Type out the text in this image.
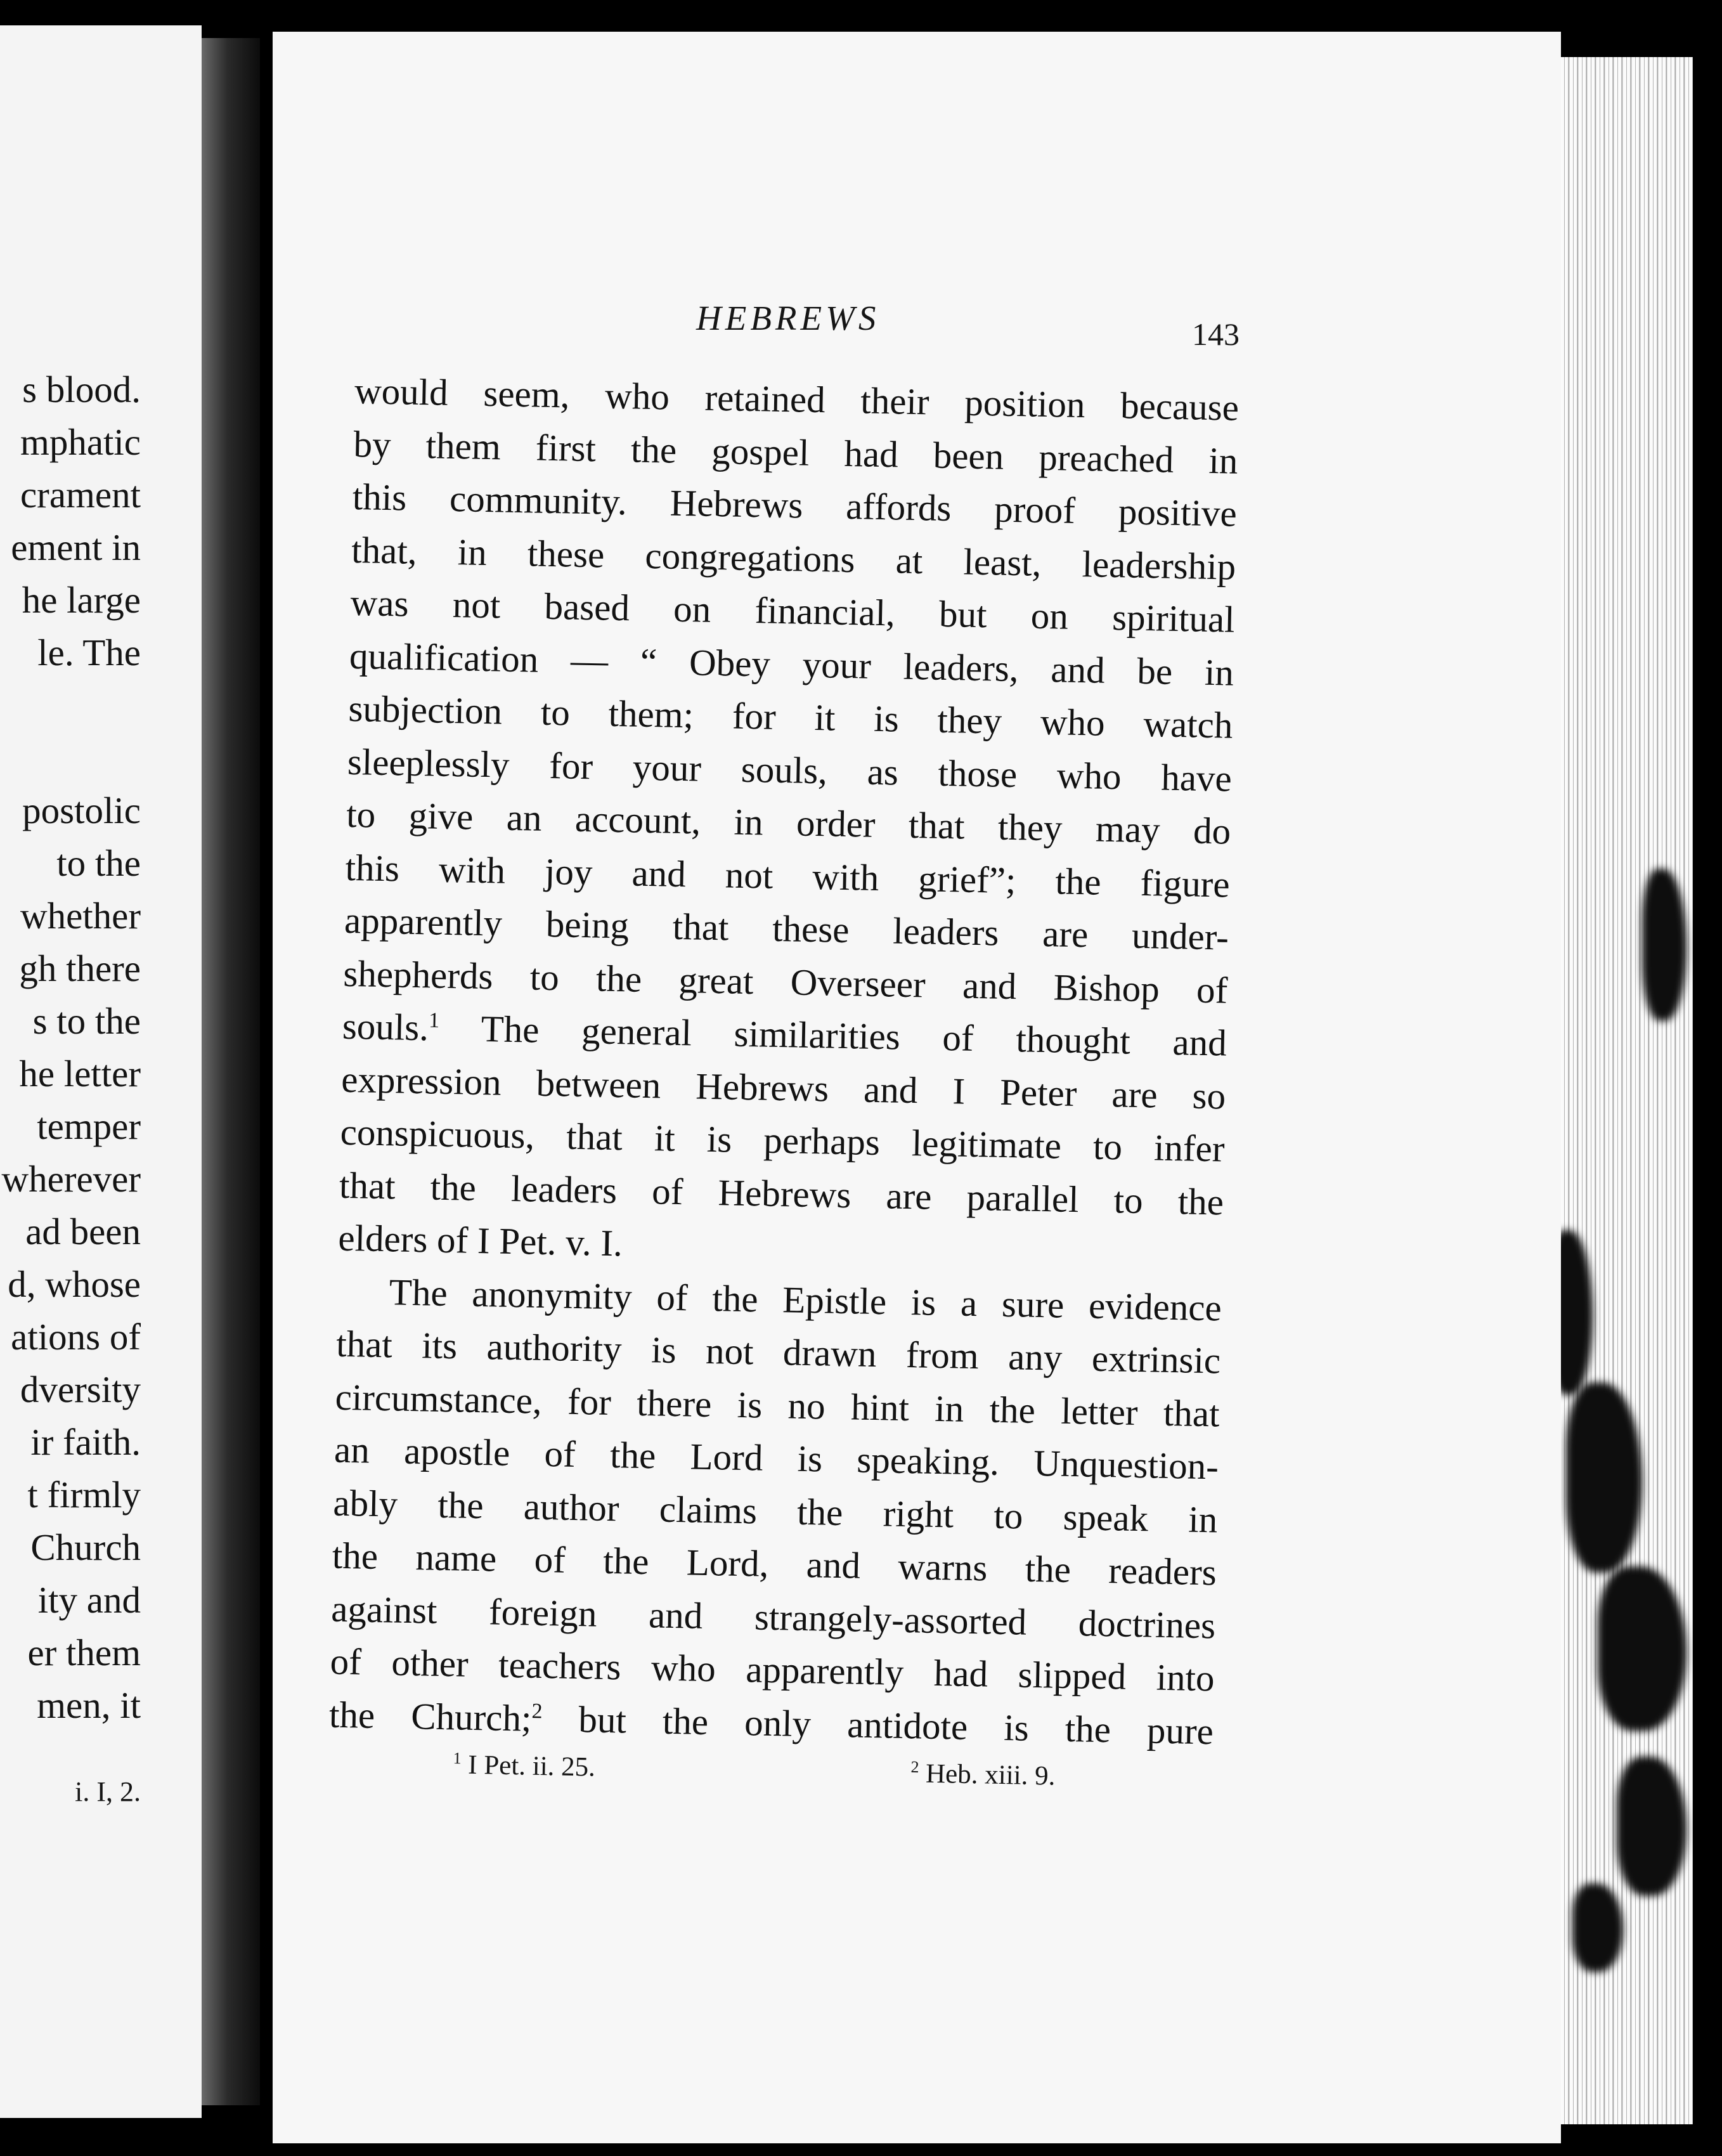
s blood.
mphatic
crament
ement in
he large
le. The
postolic
to the
whether
gh there
s to the
he letter
temper
wherever
ad been
d, whose
ations of
dversity
ir faith.
t firmly
Church
ity and
er them
men, it
i. I, 2.
HEBREWS	143
would seem, who retained their position because
by them first the gospel had been preached in
this community. Hebrews affords proof positive
that, in these congregations at least, leadership
was not based on financial, but on spiritual
qualification — “ Obey your leaders, and be in
subjection to them; for it is they who watch
sleeplessly for your souls, as those who have
to give an account, in order that they may do
this with joy and not with grief”; the figure
apparently being that these leaders are under-
shepherds to the great Overseer and Bishop of
souls.$^1$ The general similarities of thought and
expression between Hebrews and I Peter are so
conspicuous, that it is perhaps legitimate to infer
that the leaders of Hebrews are parallel to the
elders of I Pet. v. I.
The anonymity of the Epistle is a sure evidence
that its authority is not drawn from any extrinsic
circumstance, for there is no hint in the letter that
an apostle of the Lord is speaking. Unquestion-
ably the author claims the right to speak in
the name of the Lord, and warns the readers
against foreign and strangely-assorted doctrines
of other teachers who apparently had slipped into
the Church;$^2$ but the only antidote is the pure
$^1$ I Pet. ii. 25.	$^2$ Heb. xiii. 9.
